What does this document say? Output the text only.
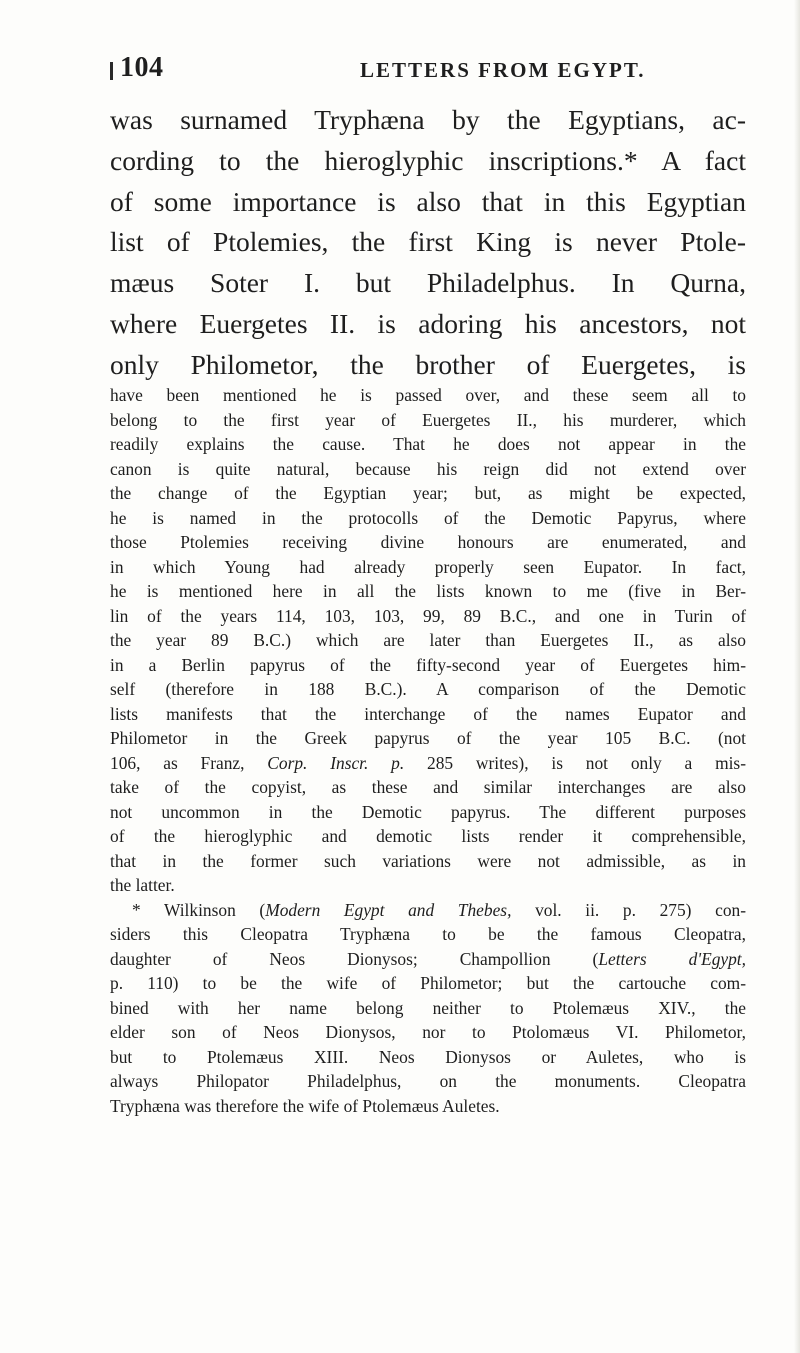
104	LETTERS FROM EGYPT.
was surnamed Tryphæna by the Egyptians, ac-
cording to the hieroglyphic inscriptions.* A fact
of some importance is also that in this Egyptian
list of Ptolemies, the first King is never Ptole-
mæus Soter I. but Philadelphus. In Qurna,
where Euergetes II. is adoring his ancestors, not
only Philometor, the brother of Euergetes, is
have been mentioned he is passed over, and these seem all to
belong to the first year of Euergetes II., his murderer, which
readily explains the cause. That he does not appear in the
canon is quite natural, because his reign did not extend over
the change of the Egyptian year; but, as might be expected,
he is named in the protocolls of the Demotic Papyrus, where
those Ptolemies receiving divine honours are enumerated, and
in which Young had already properly seen Eupator. In fact,
he is mentioned here in all the lists known to me (five in Ber-
lin of the years 114, 103, 103, 99, 89 B.C., and one in Turin of
the year 89 B.C.) which are later than Euergetes II., as also
in a Berlin papyrus of the fifty-second year of Euergetes him-
self (therefore in 188 B.C.). A comparison of the Demotic
lists manifests that the interchange of the names Eupator and
Philometor in the Greek papyrus of the year 105 B.C. (not
106, as Franz, Corp. Inscr. p. 285 writes), is not only a mis-
take of the copyist, as these and similar interchanges are also
not uncommon in the Demotic papyrus. The different purposes
of the hieroglyphic and demotic lists render it comprehensible,
that in the former such variations were not admissible, as in
the latter.
* Wilkinson (Modern Egypt and Thebes, vol. ii. p. 275) con-
siders this Cleopatra Tryphæna to be the famous Cleopatra,
daughter of Neos Dionysos; Champollion (Letters d'Egypt,
p. 110) to be the wife of Philometor; but the cartouche com-
bined with her name belong neither to Ptolemæus XIV., the
elder son of Neos Dionysos, nor to Ptolomæus VI. Philometor,
but to Ptolemæus XIII. Neos Dionysos or Auletes, who is
always Philopator Philadelphus, on the monuments. Cleopatra
Tryphæna was therefore the wife of Ptolemæus Auletes.
